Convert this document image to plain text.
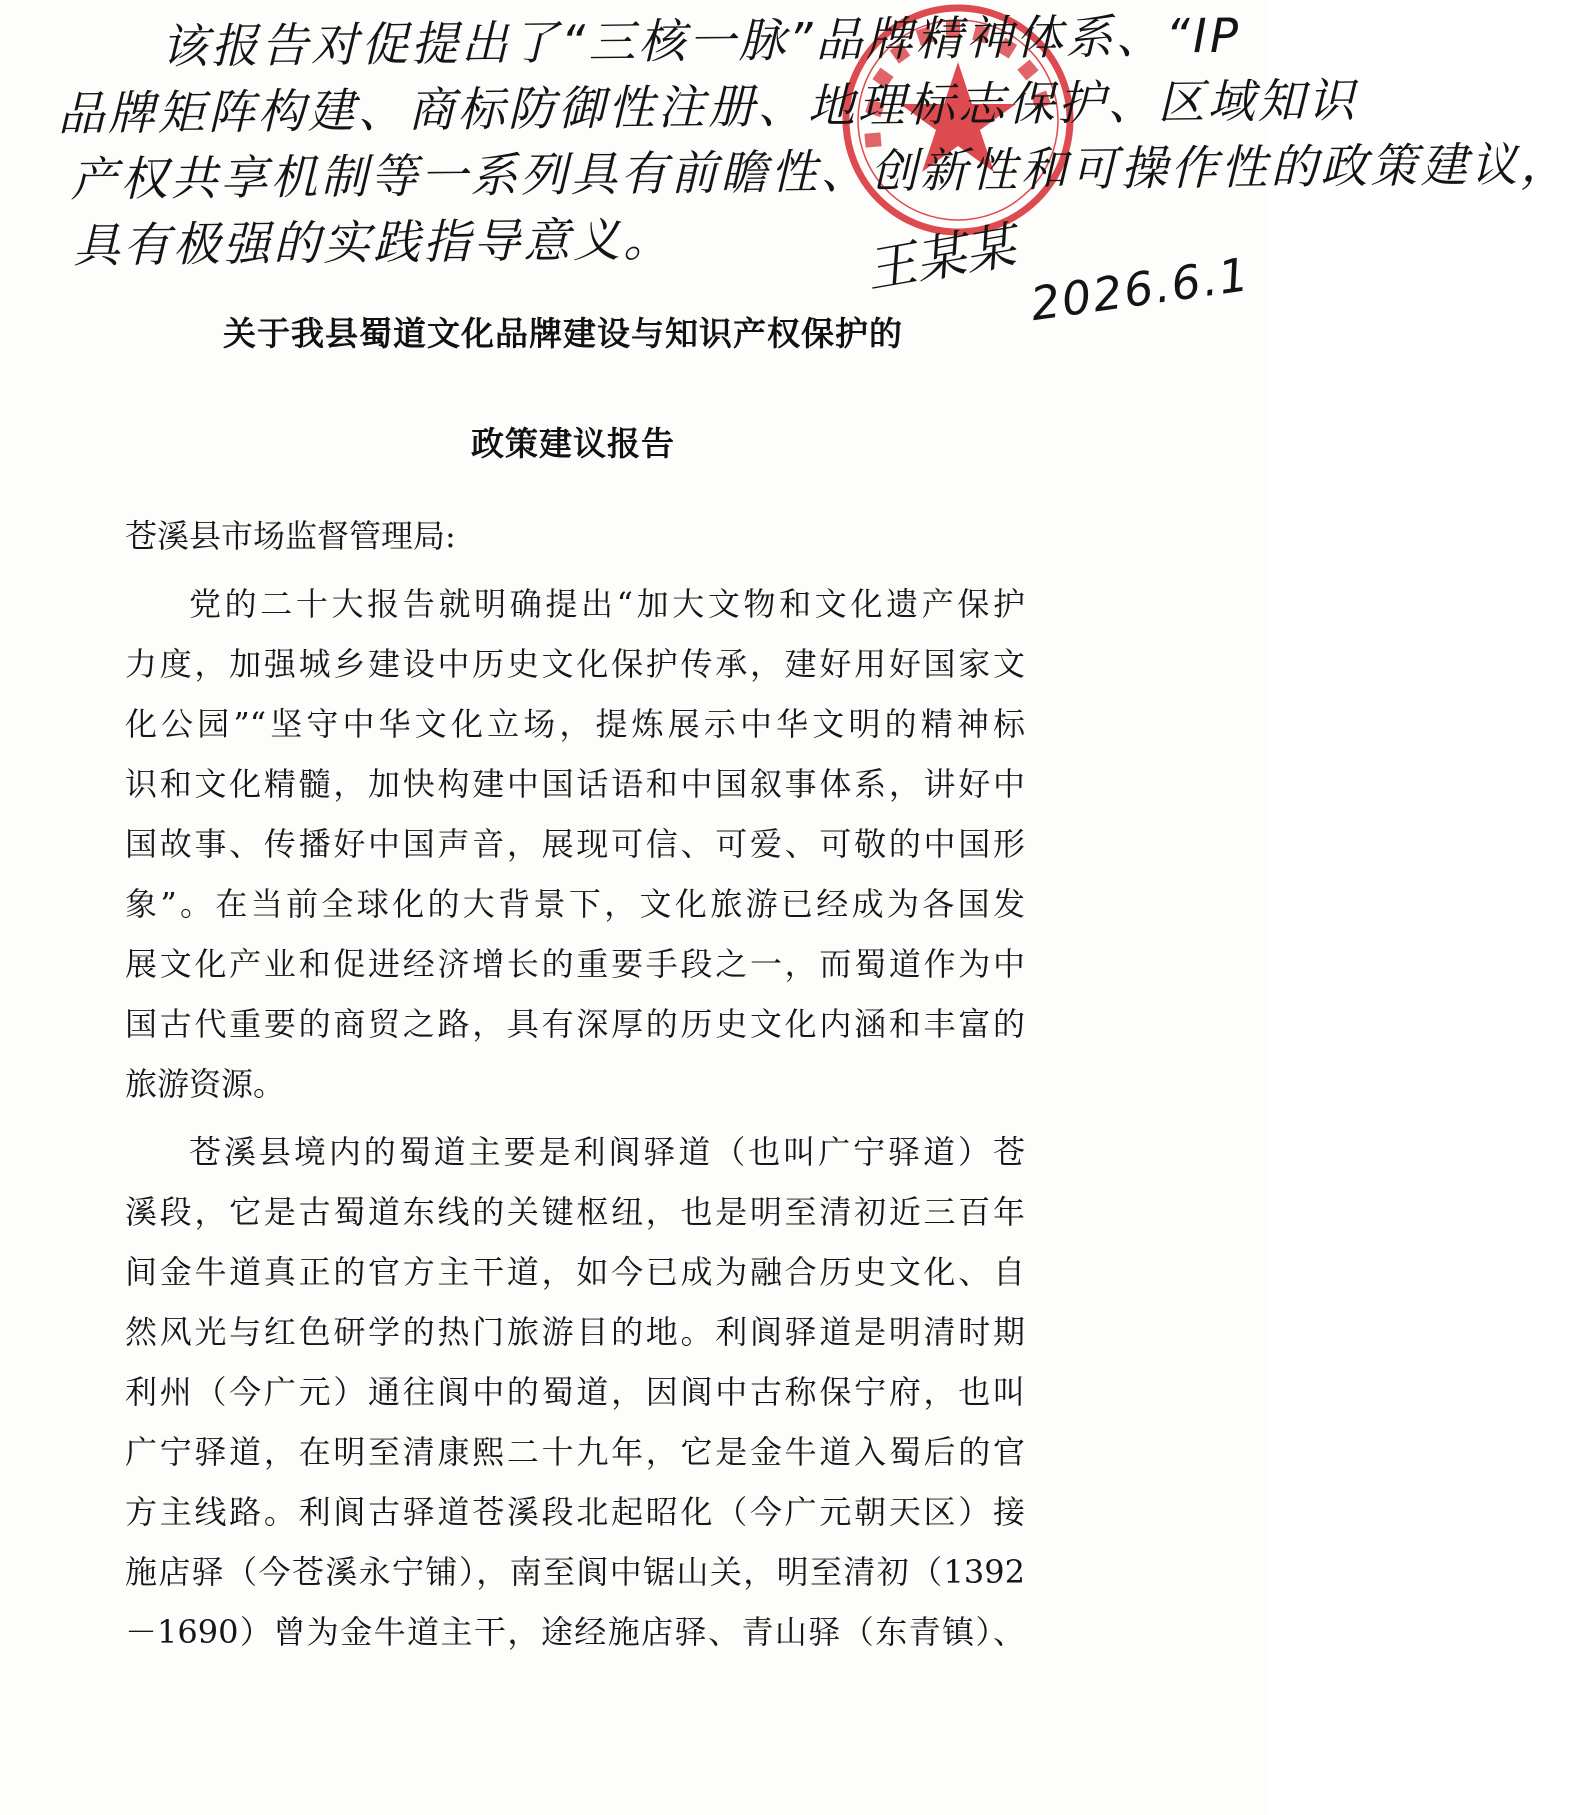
该报告对促提出了“三核一脉”品牌精神体系、“IP
品牌矩阵构建、商标防御性注册、地理标志保护、区域知识
产权共享机制等一系列具有前瞻性、创新性和可操作性的政策建议，
具有极强的实践指导意义。	王某某 2026.6.1
关于我县蜀道文化品牌建设与知识产权保护的
政策建议报告
苍溪县市场监督管理局:
党的二十大报告就明确提出“加大文物和文化遗产保护
力度，加强城乡建设中历史文化保护传承，建好用好国家文
化公园”“坚守中华文化立场，提炼展示中华文明的精神标
识和文化精髓，加快构建中国话语和中国叙事体系，讲好中
国故事、传播好中国声音，展现可信、可爱、可敬的中国形
象”。在当前全球化的大背景下，文化旅游已经成为各国发
展文化产业和促进经济增长的重要手段之一，而蜀道作为中
国古代重要的商贸之路，具有深厚的历史文化内涵和丰富的
旅游资源。
苍溪县境内的蜀道主要是利阆驿道（也叫广宁驿道）苍
溪段，它是古蜀道东线的关键枢纽，也是明至清初近三百年
间金牛道真正的官方主干道，如今已成为融合历史文化、自
然风光与红色研学的热门旅游目的地。利阆驿道是明清时期
利州（今广元）通往阆中的蜀道，因阆中古称保宁府，也叫
广宁驿道，在明至清康熙二十九年，它是金牛道入蜀后的官
方主线路。利阆古驿道苍溪段北起昭化（今广元朝天区）接
施店驿（今苍溪永宁铺），南至阆中锯山关，明至清初（1392
－1690）曾为金牛道主干，途经施店驿、青山驿（东青镇）、
